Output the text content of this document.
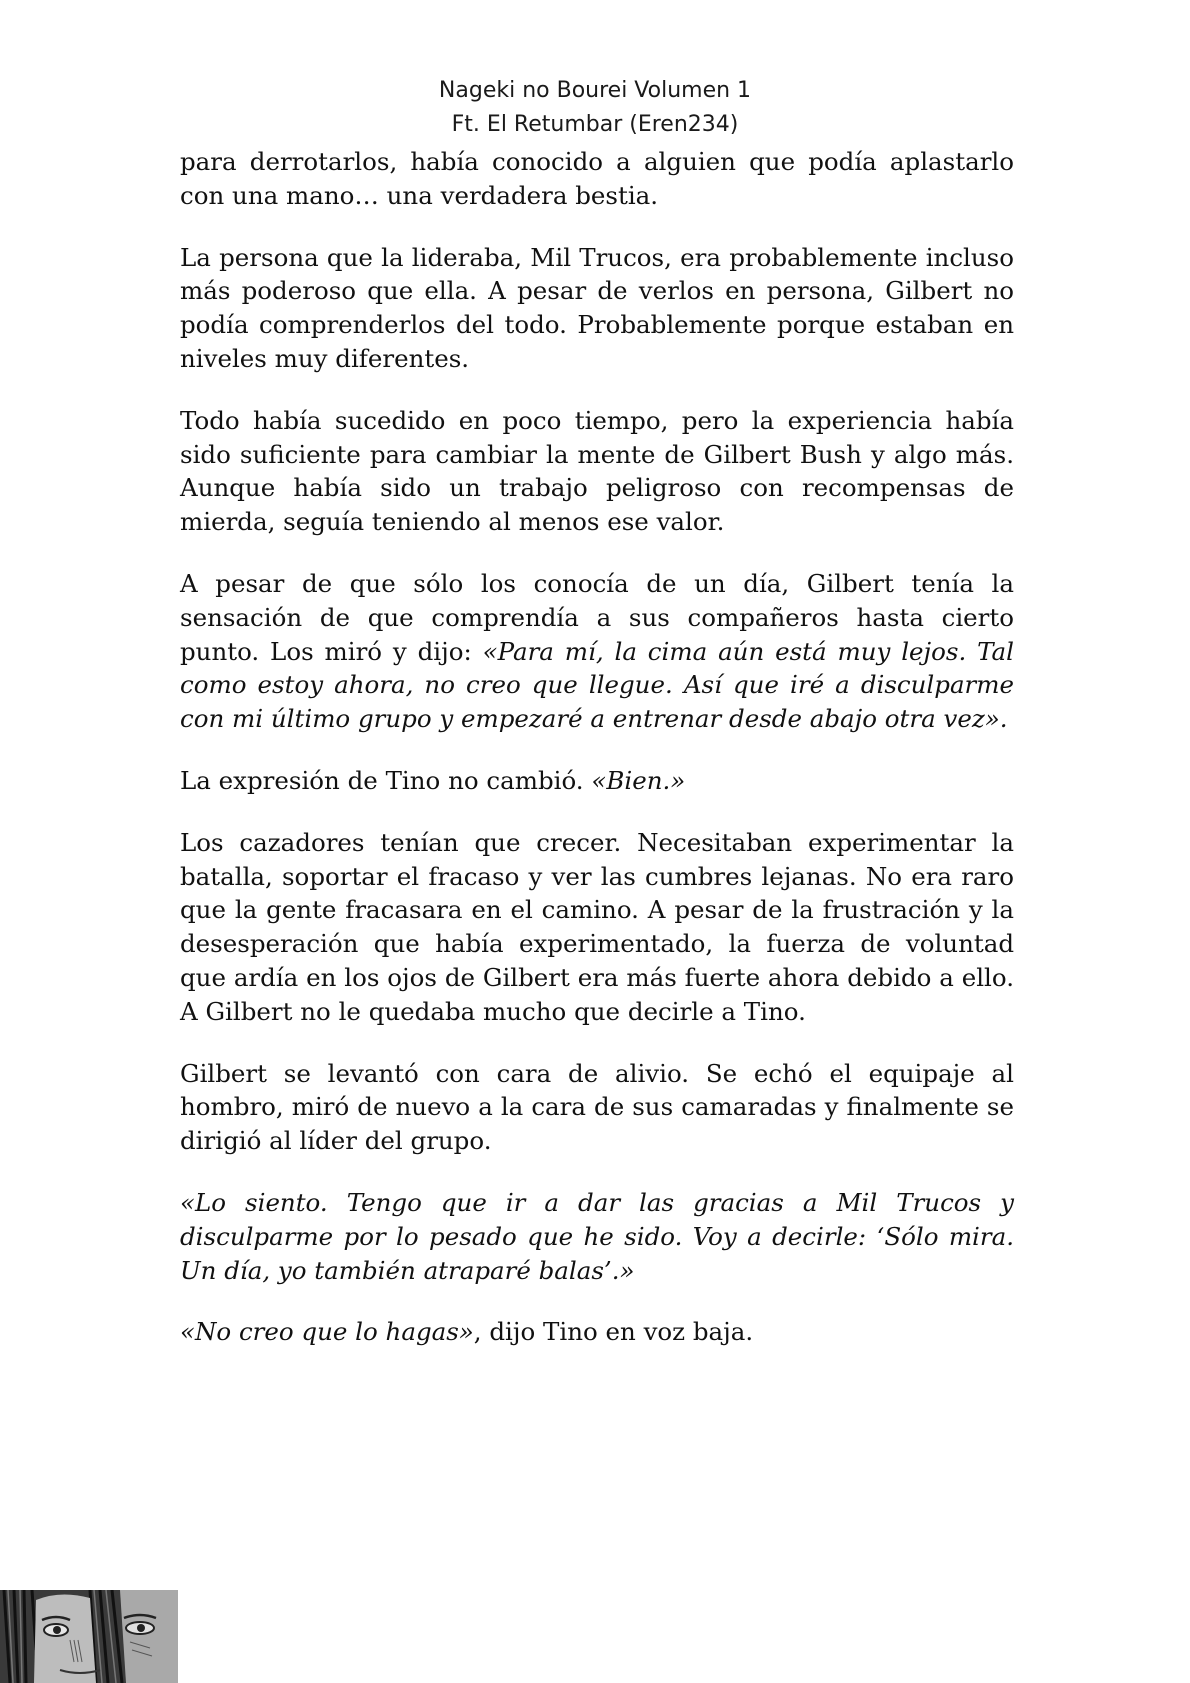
Nageki no Bourei Volumen 1
Ft. El Retumbar (Eren234)

para derrotarlos, había conocido a alguien que podía aplastarlo con una mano… una verdadera bestia.

La persona que la lideraba, Mil Trucos, era probablemente incluso más poderoso que ella. A pesar de verlos en persona, Gilbert no podía comprenderlos del todo. Probablemente porque estaban en niveles muy diferentes.

Todo había sucedido en poco tiempo, pero la experiencia había sido suficiente para cambiar la mente de Gilbert Bush y algo más. Aunque había sido un trabajo peligroso con recompensas de mierda, seguía teniendo al menos ese valor.

A pesar de que sólo los conocía de un día, Gilbert tenía la sensación de que comprendía a sus compañeros hasta cierto punto. Los miró y dijo: «Para mí, la cima aún está muy lejos. Tal como estoy ahora, no creo que llegue. Así que iré a disculparme con mi último grupo y empezaré a entrenar desde abajo otra vez».

La expresión de Tino no cambió. «Bien.»

Los cazadores tenían que crecer. Necesitaban experimentar la batalla, soportar el fracaso y ver las cumbres lejanas. No era raro que la gente fracasara en el camino. A pesar de la frustración y la desesperación que había experimentado, la fuerza de voluntad que ardía en los ojos de Gilbert era más fuerte ahora debido a ello. A Gilbert no le quedaba mucho que decirle a Tino.

Gilbert se levantó con cara de alivio. Se echó el equipaje al hombro, miró de nuevo a la cara de sus camaradas y finalmente se dirigió al líder del grupo.

«Lo siento. Tengo que ir a dar las gracias a Mil Trucos y disculparme por lo pesado que he sido. Voy a decirle: ‘Sólo mira. Un día, yo también atraparé balas’.»

«No creo que lo hagas», dijo Tino en voz baja.
